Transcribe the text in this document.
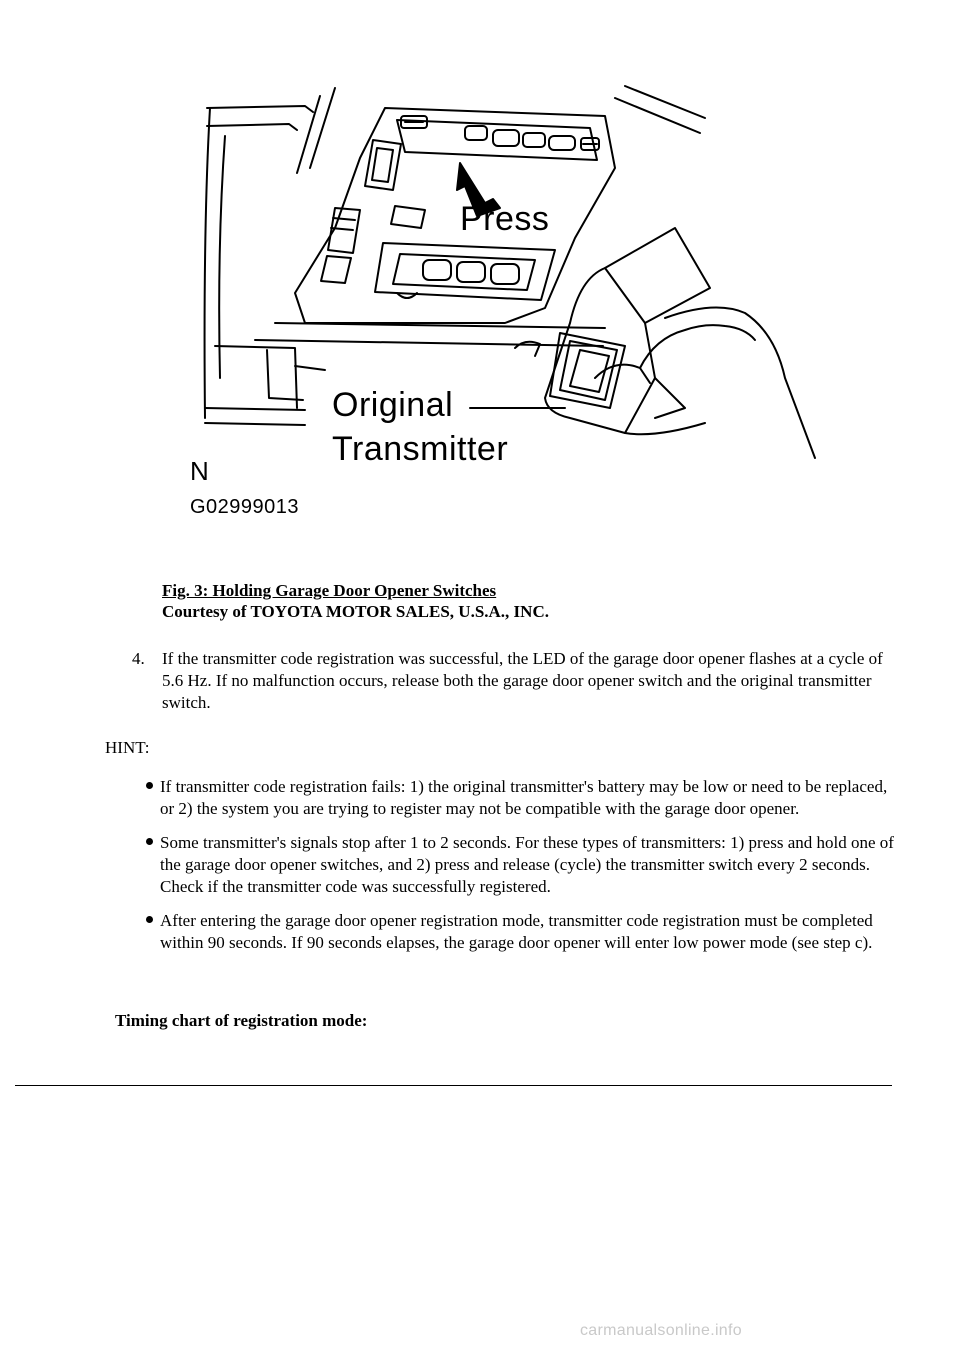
Press
Original
Transmitter
N
G02999013
Fig. 3: Holding Garage Door Opener Switches
Courtesy of TOYOTA MOTOR SALES, U.S.A., INC.
4.	If the transmitter code registration was successful, the LED of the garage door opener flashes at a cycle of 5.6 Hz. If no malfunction occurs, release both the garage door opener switch and the original transmitter switch.
HINT:
If transmitter code registration fails: 1) the original transmitter's battery may be low or need to be replaced, or 2) the system you are trying to register may not be compatible with the garage door opener.
Some transmitter's signals stop after 1 to 2 seconds. For these types of transmitters: 1) press and hold one of the garage door opener switches, and 2) press and release (cycle) the transmitter switch every 2 seconds. Check if the transmitter code was successfully registered.
After entering the garage door opener registration mode, transmitter code registration must be completed within 90 seconds. If 90 seconds elapses, the garage door opener will enter low power mode (see step c).
Timing chart of registration mode:
carmanualsonline.info
